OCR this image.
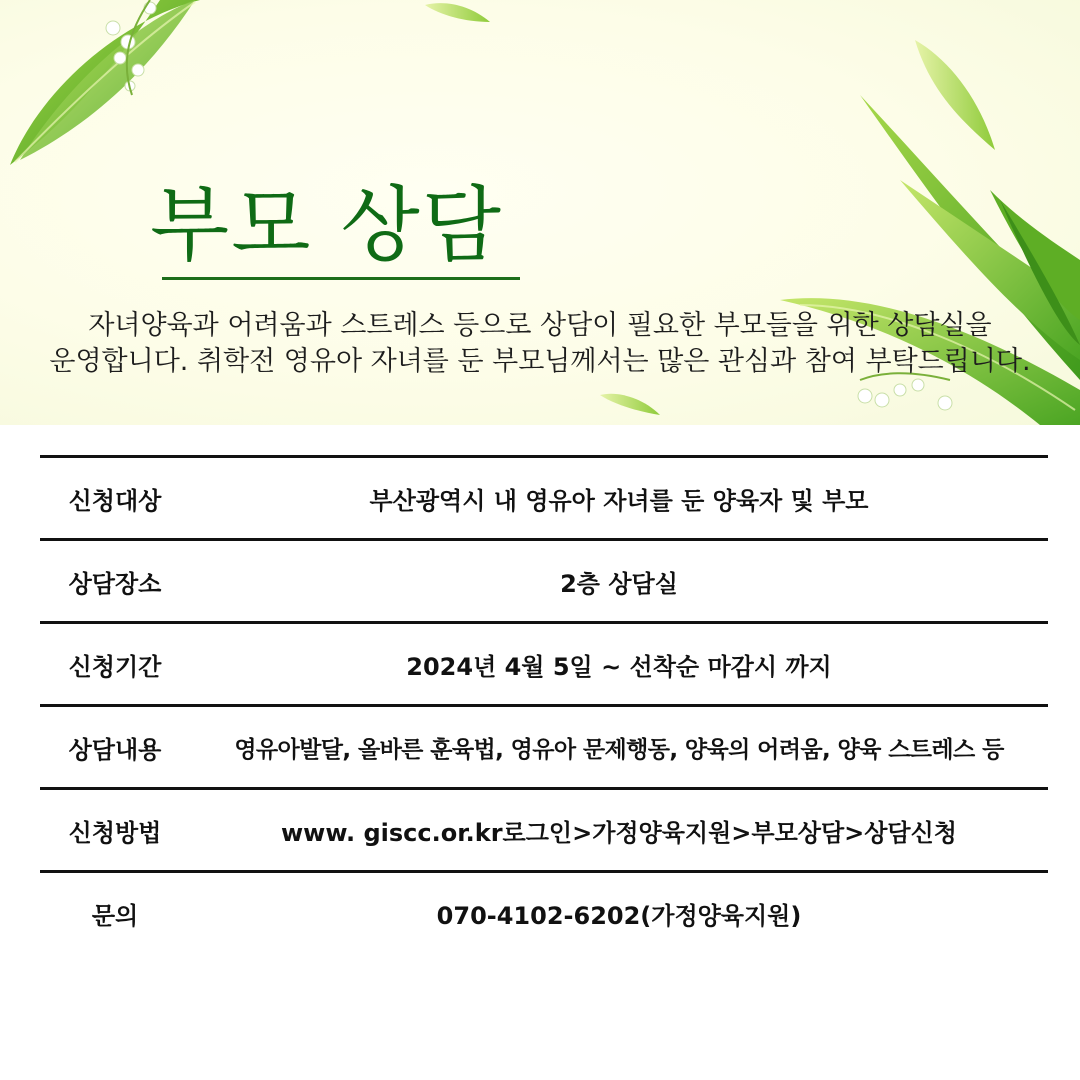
부모 상담

자녀양육과 어려움과 스트레스 등으로 상담이 필요한 부모들을 위한 상담실을
운영합니다. 취학전 영유아 자녀를 둔 부모님께서는 많은 관심과 참여 부탁드립니다.

신청대상	부산광역시 내 영유아 자녀를 둔 양육자 및 부모
상담장소	2층 상담실
신청기간	2024년 4월 5일 ~ 선착순 마감시 까지
상담내용	영유아발달, 올바른 훈육법, 영유아 문제행동, 양육의 어려움, 양육 스트레스 등
신청방법	www. giscc.or.kr로그인>가정양육지원>부모상담>상담신청
문의	070-4102-6202(가정양육지원)
